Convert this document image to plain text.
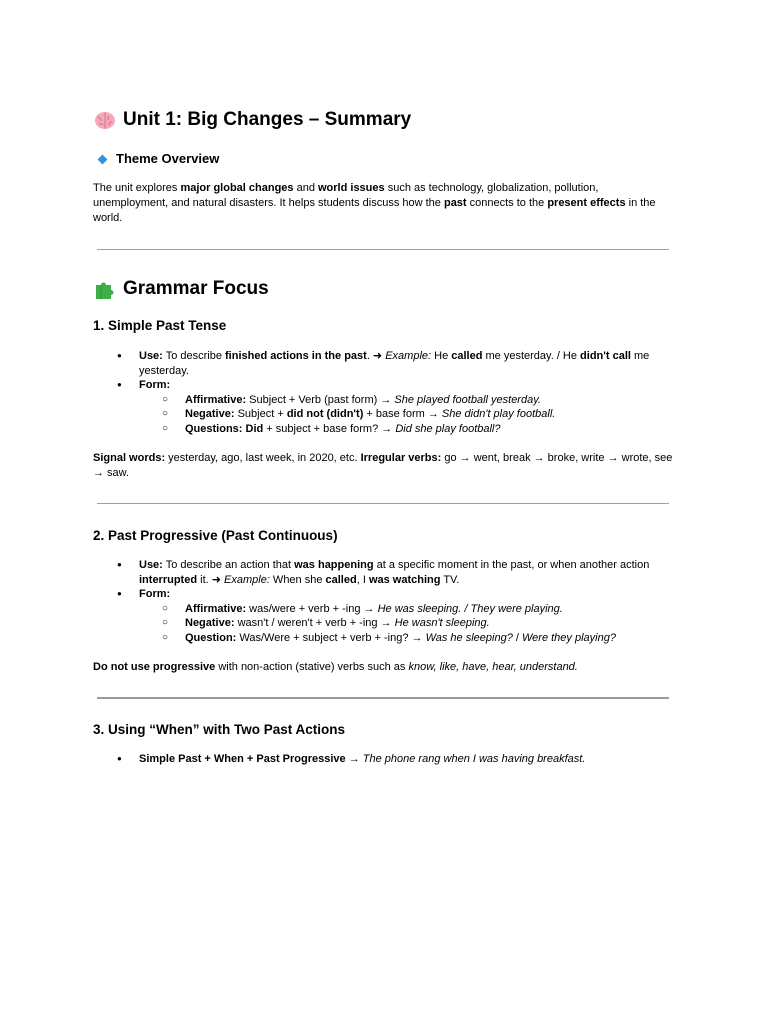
Unit 1: Big Changes – Summary
Theme Overview

The unit explores major global changes and world issues such as technology, globalization, pollution, unemployment, and natural disasters. It helps students discuss how the past connects to the present effects in the world.

Grammar Focus
1. Simple Past Tense
● Use: To describe finished actions in the past. ➜ Example: He called me yesterday. / He didn't call me yesterday.
● Form:
○ Affirmative: Subject + Verb (past form) → She played football yesterday.
○ Negative: Subject + did not (didn't) + base form → She didn't play football.
○ Questions: Did + subject + base form? → Did she play football?

Signal words: yesterday, ago, last week, in 2020, etc. Irregular verbs: go → went, break → broke, write → wrote, see → saw.

2. Past Progressive (Past Continuous)
● Use: To describe an action that was happening at a specific moment in the past, or when another action interrupted it. ➜ Example: When she called, I was watching TV.
● Form:
○ Affirmative: was/were + verb + -ing → He was sleeping. / They were playing.
○ Negative: wasn't / weren't + verb + -ing → He wasn't sleeping.
○ Question: Was/Were + subject + verb + -ing? → Was he sleeping? / Were they playing?

Do not use progressive with non-action (stative) verbs such as know, like, have, hear, understand.

3. Using “When” with Two Past Actions
● Simple Past + When + Past Progressive → The phone rang when I was having breakfast.
